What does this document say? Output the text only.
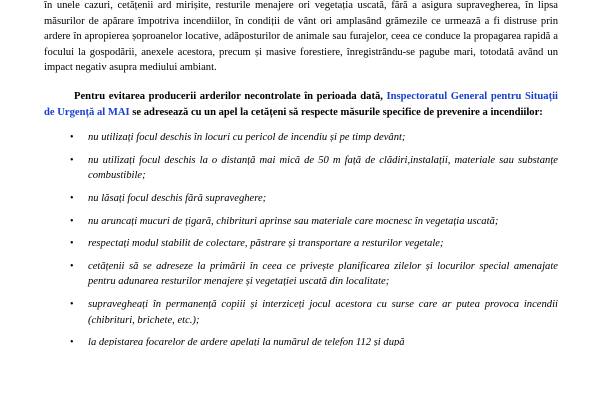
în unele cazuri, cetățenii ard mirișite, resturile menajere ori vegetația uscată, fără a asigura supravegherea, în lipsa măsurilor de apărare împotriva incendiilor, în condiții de vânt ori amplasând grămezile ce urmează a fi distruse prin ardere în apropierea șoproanelor locative, adăposturilor de animale sau furajelor, ceea ce conduce la propagarea rapidă a focului la gospodării, anexele acestora, precum și masive forestiere, înregistrându-se pagube mari, totodată având un impact negativ asupra mediului ambiant.

Pentru evitarea producerii arderilor necontrolate în perioada dată, Inspectoratul General pentru Situații de Urgență al MAI se adresează cu un apel la cetățeni să respecte măsurile specifice de prevenire a incendiilor:

• nu utilizați focul deschis în locuri cu pericol de incendiu și pe timp devânt;
• nu utilizați focul deschis la o distanță mai mică de 50 m față de clădiri,instalații, materiale sau substanțe combustibile;
• nu lăsați focul deschis fără supraveghere;
• nu aruncați mucuri de țigară, chibrituri aprinse sau materiale care mocnesc în vegetația uscată;
• respectați modul stabilit de colectare, păstrare și transportare a resturilor vegetale;
• cetățenii să se adreseze la primării în ceea ce privește planificarea zilelor și locurilor special amenajate pentru adunarea resturilor menajere și vegetației uscată din localitate;
• supravegheați în permanență copiii și interziceți jocul acestora cu surse care ar putea provoca incendii (chibrituri, brichete, etc.);
• la depistarea focarelor de ardere apelați la numărul de telefon 112 și după
